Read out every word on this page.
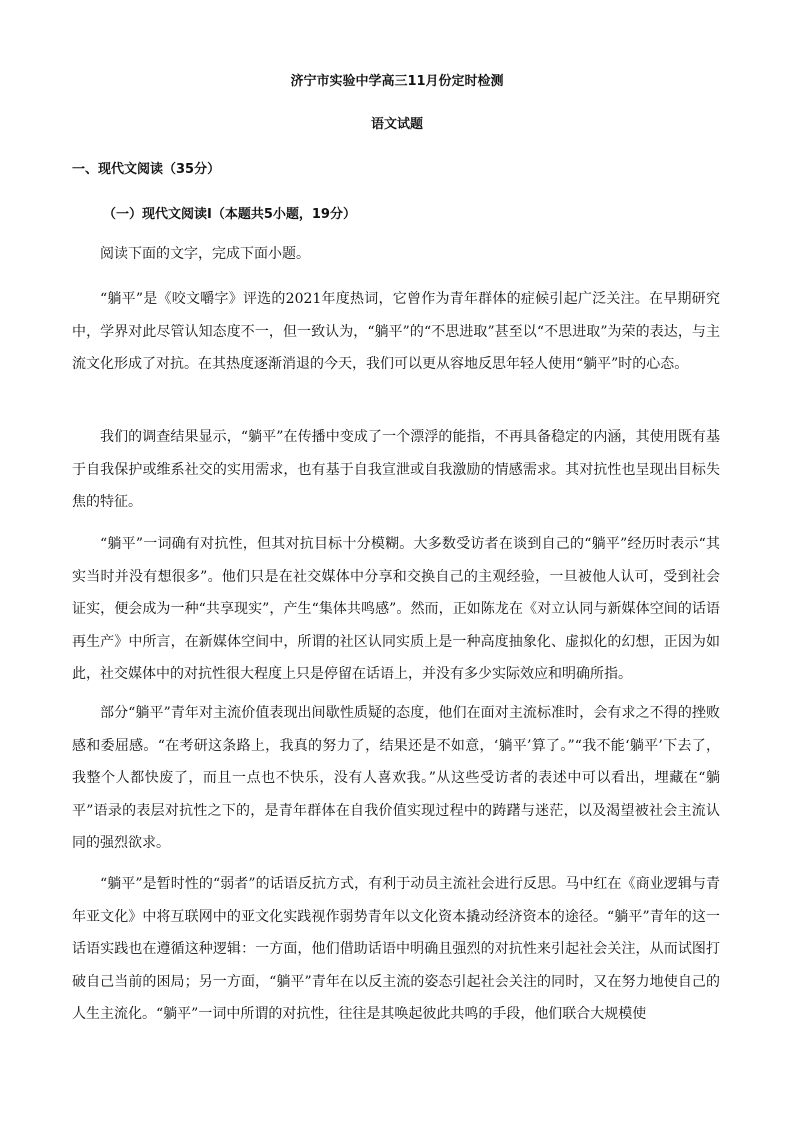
济宁市实验中学高三11月份定时检测
语文试题
一、现代文阅读（35分）
（一）现代文阅读Ⅰ（本题共5小题，19分）

阅读下面的文字，完成下面小题。

“躺平”是《咬文嚼字》评选的2021年度热词，它曾作为青年群体的症候引起广泛关注。在早期研究中，学界对此尽管认知态度不一，但一致认为，“躺平”的“不思进取”甚至以“不思进取”为荣的表达，与主流文化形成了对抗。在其热度逐渐消退的今天，我们可以更从容地反思年轻人使用“躺平”时的心态。

我们的调查结果显示，“躺平”在传播中变成了一个漂浮的能指，不再具备稳定的内涵，其使用既有基于自我保护或维系社交的实用需求，也有基于自我宣泄或自我激励的情感需求。其对抗性也呈现出目标失焦的特征。

“躺平”一词确有对抗性，但其对抗目标十分模糊。大多数受访者在谈到自己的“躺平”经历时表示“其实当时并没有想很多”。他们只是在社交媒体中分享和交换自己的主观经验，一旦被他人认可，受到社会证实，便会成为一种“共享现实”，产生“集体共鸣感”。然而，正如陈龙在《对立认同与新媒体空间的话语再生产》中所言，在新媒体空间中，所谓的社区认同实质上是一种高度抽象化、虚拟化的幻想，正因为如此，社交媒体中的对抗性很大程度上只是停留在话语上，并没有多少实际效应和明确所指。

部分“躺平”青年对主流价值表现出间歇性质疑的态度，他们在面对主流标准时，会有求之不得的挫败感和委屈感。“在考研这条路上，我真的努力了，结果还是不如意，‘躺平’算了。”“我不能‘躺平’下去了，我整个人都快废了，而且一点也不快乐，没有人喜欢我。”从这些受访者的表述中可以看出，埋藏在“躺平”语录的表层对抗性之下的，是青年群体在自我价值实现过程中的踌躇与迷茫，以及渴望被社会主流认同的强烈欲求。

“躺平”是暂时性的“弱者”的话语反抗方式，有利于动员主流社会进行反思。马中红在《商业逻辑与青年亚文化》中将互联网中的亚文化实践视作弱势青年以文化资本撬动经济资本的途径。“躺平”青年的这一话语实践也在遵循这种逻辑：一方面，他们借助话语中明确且强烈的对抗性来引起社会关注，从而试图打破自己当前的困局；另一方面，“躺平”青年在以反主流的姿态引起社会关注的同时，又在努力地使自己的人生主流化。“躺平”一词中所谓的对抗性，往往是其唤起彼此共鸣的手段，他们联合大规模使
